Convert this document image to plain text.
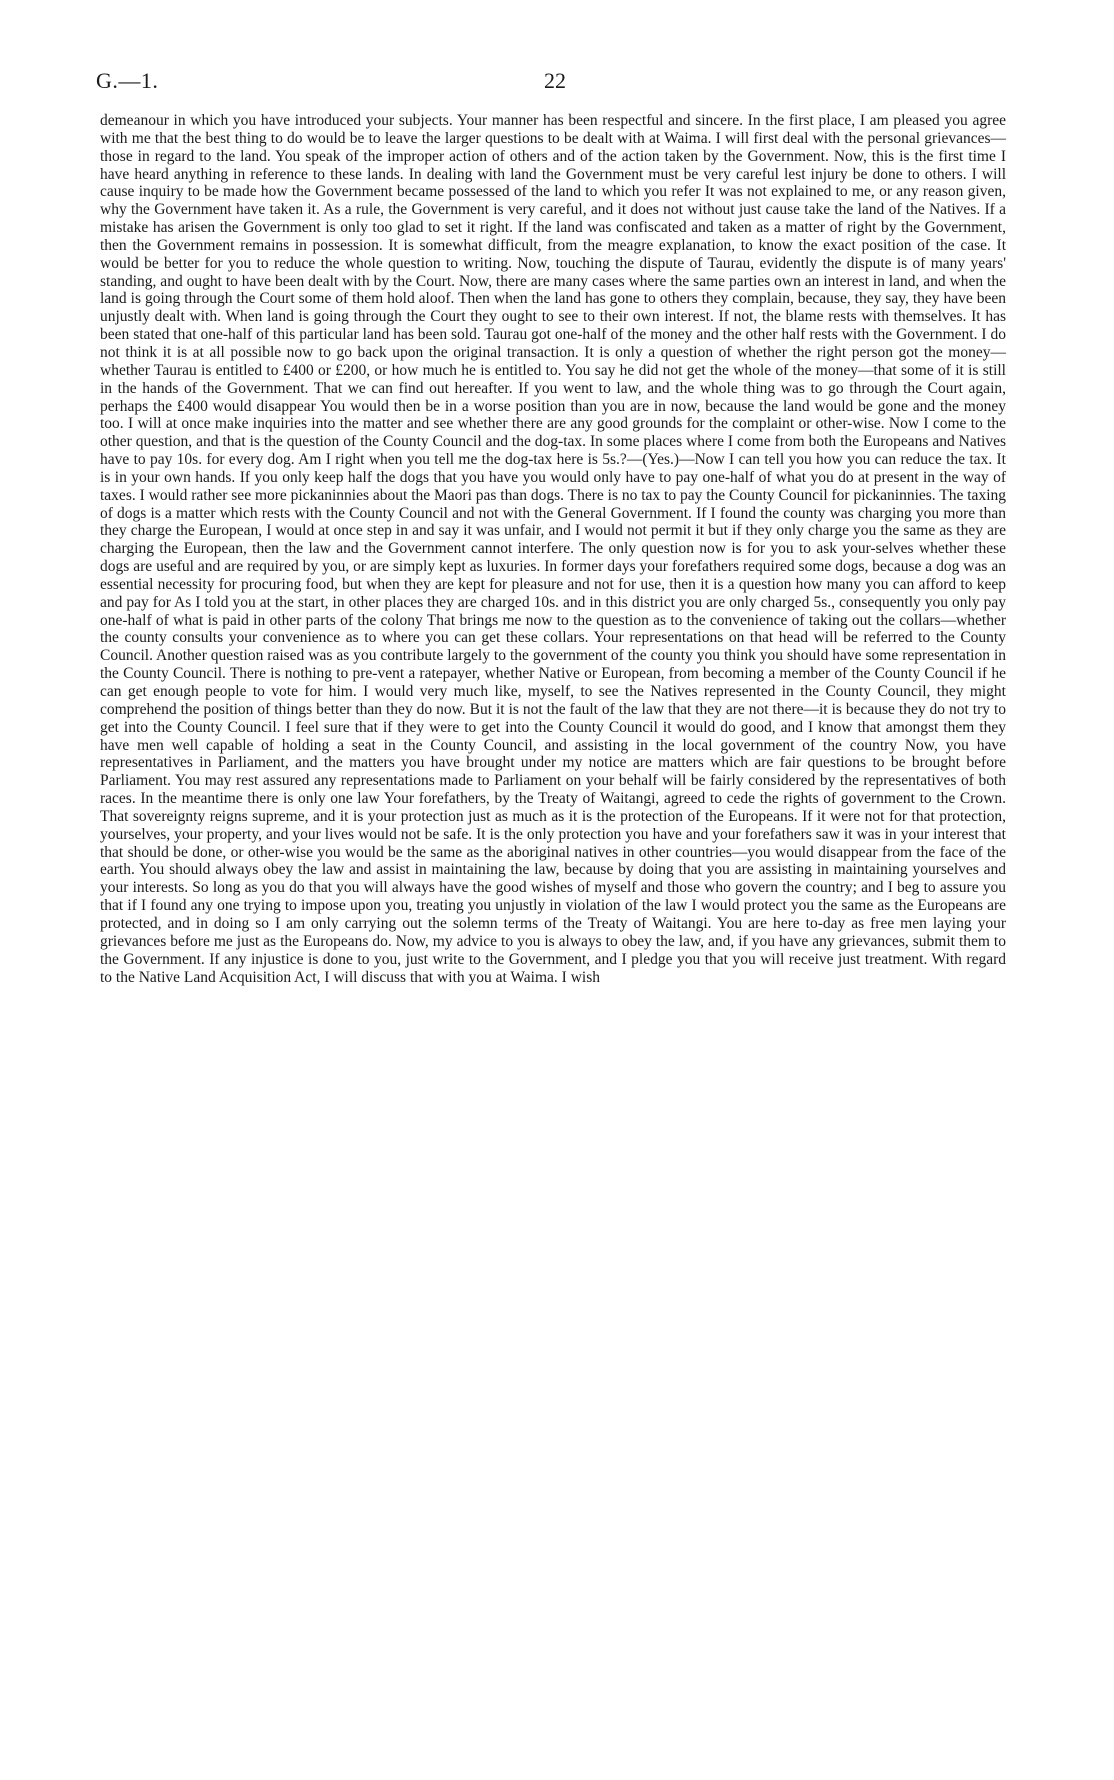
G.—1.	22

demeanour in which you have introduced your subjects. Your manner has been respectful and sincere. In the first place, I am pleased you agree with me that the best thing to do would be to leave the larger questions to be dealt with at Waima. I will first deal with the personal grievances—those in regard to the land. You speak of the improper action of others and of the action taken by the Government. Now, this is the first time I have heard anything in reference to these lands. In dealing with land the Government must be very careful lest injury be done to others. I will cause inquiry to be made how the Government became possessed of the land to which you refer It was not explained to me, or any reason given, why the Government have taken it. As a rule, the Government is very careful, and it does not without just cause take the land of the Natives. If a mistake has arisen the Government is only too glad to set it right. If the land was confiscated and taken as a matter of right by the Government, then the Government remains in possession. It is somewhat difficult, from the meagre explanation, to know the exact position of the case. It would be better for you to reduce the whole question to writing. Now, touching the dispute of Taurau, evidently the dispute is of many years' standing, and ought to have been dealt with by the Court. Now, there are many cases where the same parties own an interest in land, and when the land is going through the Court some of them hold aloof. Then when the land has gone to others they complain, because, they say, they have been unjustly dealt with. When land is going through the Court they ought to see to their own interest. If not, the blame rests with themselves. It has been stated that one-half of this particular land has been sold. Taurau got one-half of the money and the other half rests with the Government. I do not think it is at all possible now to go back upon the original transaction. It is only a question of whether the right person got the money—whether Taurau is entitled to £400 or £200, or how much he is entitled to. You say he did not get the whole of the money—that some of it is still in the hands of the Government. That we can find out hereafter. If you went to law, and the whole thing was to go through the Court again, perhaps the £400 would disappear You would then be in a worse position than you are in now, because the land would be gone and the money too. I will at once make inquiries into the matter and see whether there are any good grounds for the complaint or other-wise. Now I come to the other question, and that is the question of the County Council and the dog-tax. In some places where I come from both the Europeans and Natives have to pay 10s. for every dog. Am I right when you tell me the dog-tax here is 5s.?—(Yes.)—Now I can tell you how you can reduce the tax. It is in your own hands. If you only keep half the dogs that you have you would only have to pay one-half of what you do at present in the way of taxes. I would rather see more pickaninnies about the Maori pas than dogs. There is no tax to pay the County Council for pickaninnies. The taxing of dogs is a matter which rests with the County Council and not with the General Government. If I found the county was charging you more than they charge the European, I would at once step in and say it was unfair, and I would not permit it but if they only charge you the same as they are charging the European, then the law and the Government cannot interfere. The only question now is for you to ask your-selves whether these dogs are useful and are required by you, or are simply kept as luxuries. In former days your forefathers required some dogs, because a dog was an essential necessity for procuring food, but when they are kept for pleasure and not for use, then it is a question how many you can afford to keep and pay for As I told you at the start, in other places they are charged 10s. and in this district you are only charged 5s., consequently you only pay one-half of what is paid in other parts of the colony That brings me now to the question as to the convenience of taking out the collars—whether the county consults your convenience as to where you can get these collars. Your representations on that head will be referred to the County Council. Another question raised was as you contribute largely to the government of the county you think you should have some representation in the County Council. There is nothing to pre-vent a ratepayer, whether Native or European, from becoming a member of the County Council if he can get enough people to vote for him. I would very much like, myself, to see the Natives represented in the County Council, they might comprehend the position of things better than they do now. But it is not the fault of the law that they are not there—it is because they do not try to get into the County Council. I feel sure that if they were to get into the County Council it would do good, and I know that amongst them they have men well capable of holding a seat in the County Council, and assisting in the local government of the country Now, you have representatives in Parliament, and the matters you have brought under my notice are matters which are fair questions to be brought before Parliament. You may rest assured any representations made to Parliament on your behalf will be fairly considered by the representatives of both races. In the meantime there is only one law Your forefathers, by the Treaty of Waitangi, agreed to cede the rights of government to the Crown. That sovereignty reigns supreme, and it is your protection just as much as it is the protection of the Europeans. If it were not for that protection, yourselves, your property, and your lives would not be safe. It is the only protection you have and your forefathers saw it was in your interest that that should be done, or other-wise you would be the same as the aboriginal natives in other countries—you would disappear from the face of the earth. You should always obey the law and assist in maintaining the law, because by doing that you are assisting in maintaining yourselves and your interests. So long as you do that you will always have the good wishes of myself and those who govern the country; and I beg to assure you that if I found any one trying to impose upon you, treating you unjustly in violation of the law I would protect you the same as the Europeans are protected, and in doing so I am only carrying out the solemn terms of the Treaty of Waitangi. You are here to-day as free men laying your grievances before me just as the Europeans do. Now, my advice to you is always to obey the law, and, if you have any grievances, submit them to the Government. If any injustice is done to you, just write to the Government, and I pledge you that you will receive just treatment. With regard to the Native Land Acquisition Act, I will discuss that with you at Waima. I wish
